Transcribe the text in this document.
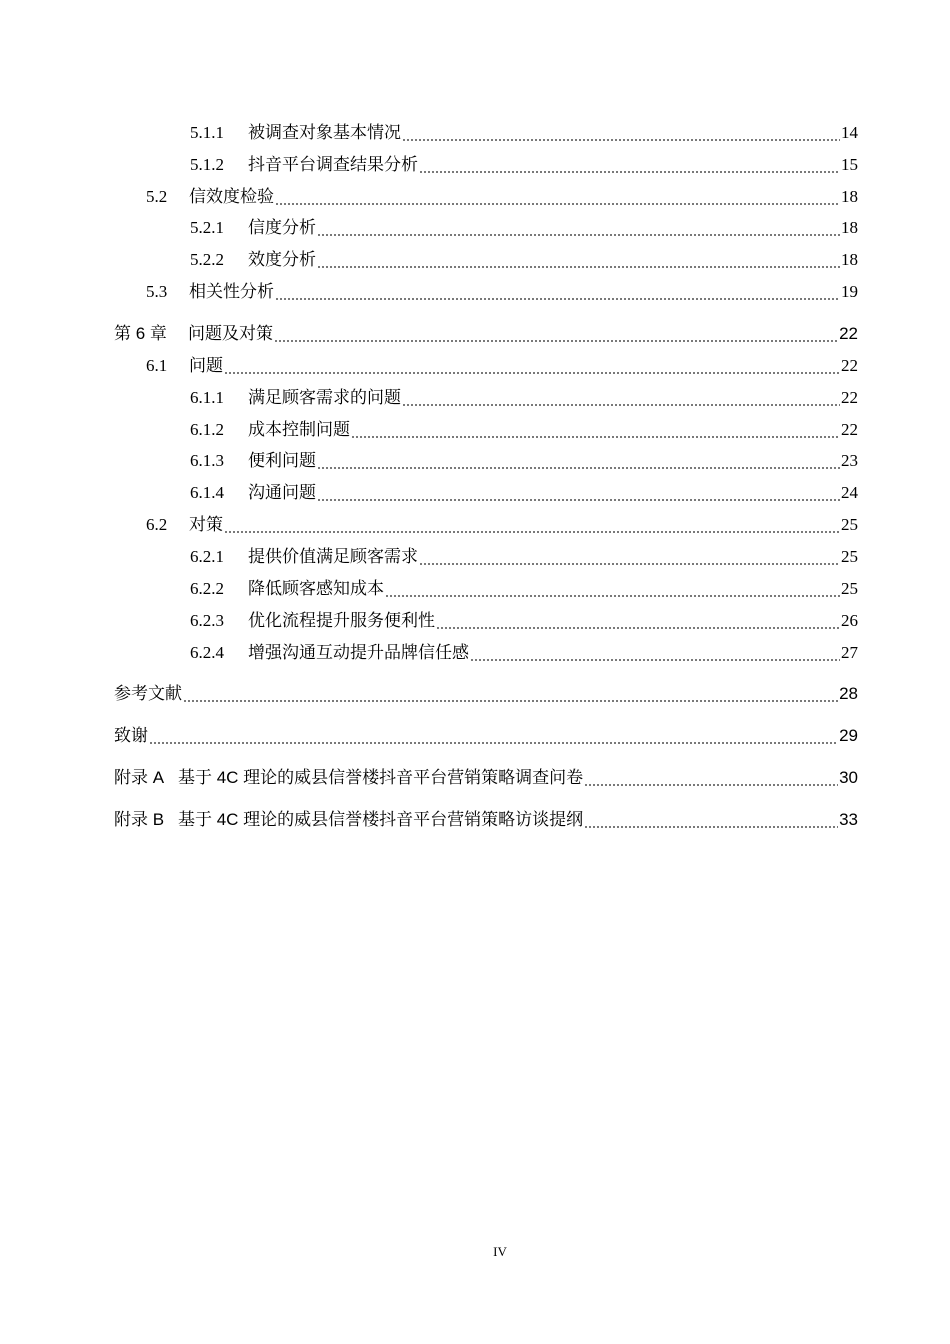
5.1.1	被调查对象基本情况	14
5.1.2	抖音平台调查结果分析	15
5.2	信效度检验	18
5.2.1	信度分析	18
5.2.2	效度分析	18
5.3	相关性分析	19
第 6 章	问题及对策	22
6.1	问题	22
6.1.1	满足顾客需求的问题	22
6.1.2	成本控制问题	22
6.1.3	便利问题	23
6.1.4	沟通问题	24
6.2	对策	25
6.2.1	提供价值满足顾客需求	25
6.2.2	降低顾客感知成本	25
6.2.3	优化流程提升服务便利性	26
6.2.4	增强沟通互动提升品牌信任感	27
参考文献	28
致谢	29
附录 A 基于 4C 理论的威县信誉楼抖音平台营销策略调查问卷	30
附录 B 基于 4C 理论的威县信誉楼抖音平台营销策略访谈提纲	33
IV
